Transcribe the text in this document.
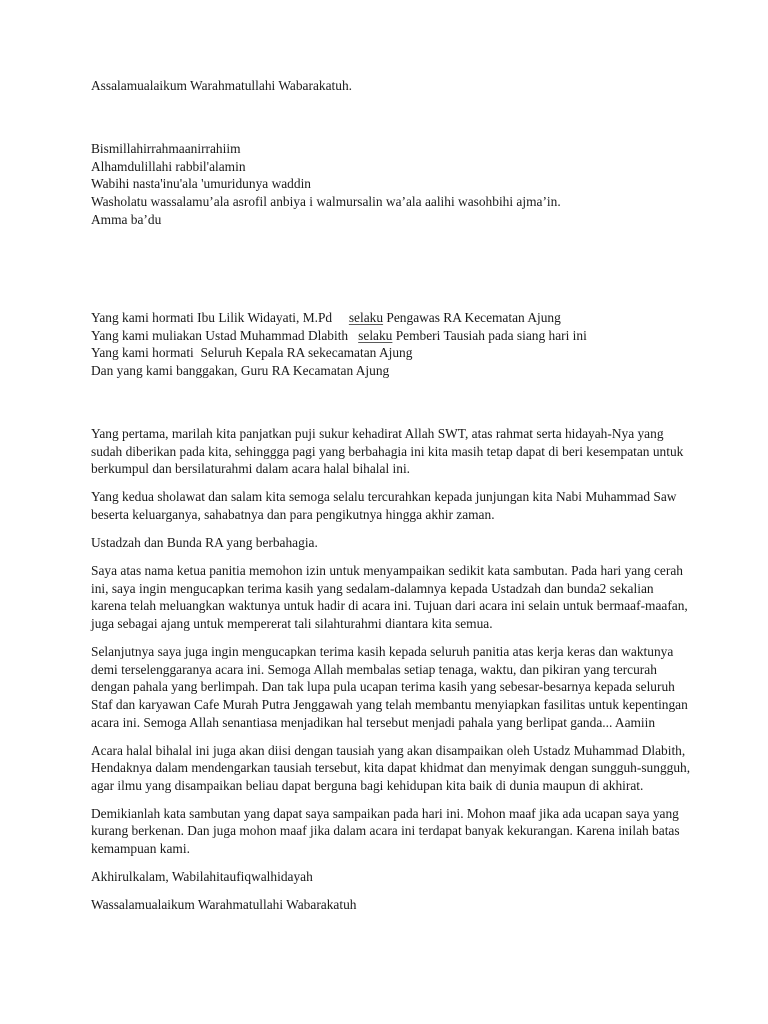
Assalamualaikum Warahmatullahi Wabarakatuh.

Bismillahirrahmaanirrahiim
Alhamdulillahi rabbil'alamin
Wabihi nasta'inu'ala 'umuridunya waddin
Washolatu wassalamu’ala asrofil anbiya i walmursalin wa’ala aalihi wasohbihi ajma’in.
Amma ba’du

Yang kami hormati Ibu Lilik Widayati, M.Pd     selaku Pengawas RA Kecematan Ajung
Yang kami muliakan Ustad Muhammad Dlabith   selaku Pemberi Tausiah pada siang hari ini
Yang kami hormati  Seluruh Kepala RA sekecamatan Ajung
Dan yang kami banggakan, Guru RA Kecamatan Ajung

Yang pertama, marilah kita panjatkan puji sukur kehadirat Allah SWT, atas rahmat serta hidayah-Nya yang sudah diberikan pada kita, sehinggga pagi yang berbahagia ini kita masih tetap dapat di beri kesempatan untuk berkumpul dan bersilaturahmi dalam acara halal bihalal ini.

Yang kedua sholawat dan salam kita semoga selalu tercurahkan kepada junjungan kita Nabi Muhammad Saw beserta keluarganya, sahabatnya dan para pengikutnya hingga akhir zaman.

Ustadzah dan Bunda RA yang berbahagia.

Saya atas nama ketua panitia memohon izin untuk menyampaikan sedikit kata sambutan. Pada hari yang cerah ini, saya ingin mengucapkan terima kasih yang sedalam-dalamnya kepada Ustadzah dan bunda2 sekalian karena telah meluangkan waktunya untuk hadir di acara ini. Tujuan dari acara ini selain untuk bermaaf-maafan, juga sebagai ajang untuk mempererat tali silahturahmi diantara kita semua.

Selanjutnya saya juga ingin mengucapkan terima kasih kepada seluruh panitia atas kerja keras dan waktunya demi terselenggaranya acara ini. Semoga Allah membalas setiap tenaga, waktu, dan pikiran yang tercurah dengan pahala yang berlimpah. Dan tak lupa pula ucapan terima kasih yang sebesar-besarnya kepada seluruh Staf dan karyawan Cafe Murah Putra Jenggawah yang telah membantu menyiapkan fasilitas untuk kepentingan acara ini. Semoga Allah senantiasa menjadikan hal tersebut menjadi pahala yang berlipat ganda... Aamiin

Acara halal bihalal ini juga akan diisi dengan tausiah yang akan disampaikan oleh Ustadz Muhammad Dlabith, Hendaknya dalam mendengarkan tausiah tersebut, kita dapat khidmat dan menyimak dengan sungguh-sungguh, agar ilmu yang disampaikan beliau dapat berguna bagi kehidupan kita baik di dunia maupun di akhirat.

Demikianlah kata sambutan yang dapat saya sampaikan pada hari ini. Mohon maaf jika ada ucapan saya yang kurang berkenan. Dan juga mohon maaf jika dalam acara ini terdapat banyak kekurangan. Karena inilah batas kemampuan kami.

Akhirulkalam, Wabilahitaufiqwalhidayah

Wassalamualaikum Warahmatullahi Wabarakatuh
